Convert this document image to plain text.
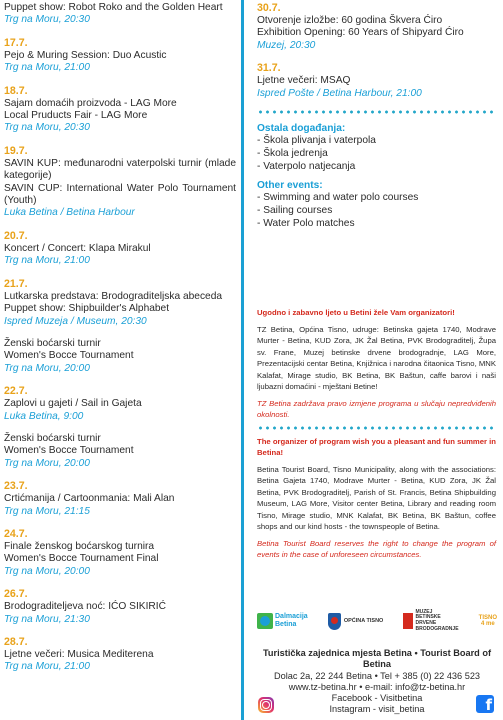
Puppet show: Robot Roko and the Golden Heart
Trg na Moru, 20:30
17.7.
Pejo & Muring Session: Duo Acustic
Trg na Moru, 21:00
18.7.
Sajam domaćih proizvoda - LAG More
Local Pruducts Fair - LAG More
Trg na Moru, 20:30
19.7.
SAVIN KUP: međunarodni vaterpolski turnir (mlade kategorije)
SAVIN CUP: International Water Polo Tournament (Youth)
Luka Betina / Betina Harbour
20.7.
Koncert / Concert: Klapa Mirakul
Trg na Moru, 21:00
21.7.
Lutkarska predstava: Brodograditeljska abeceda
Puppet show: Shipbuilder's Alphabet
Ispred Muzeja / Museum, 20:30
Ženski boćarski turnir
Women's Bocce Tournament
Trg na Moru, 20:00
22.7.
Zaplovi u gajeti / Sail in Gajeta
Luka Betina, 9:00
Ženski boćarski turnir
Women's Bocce Tournament
Trg na Moru, 20:00
23.7.
Crtićmanija / Cartoonmania: Mali Alan
Trg na Moru, 21:15
24.7.
Finale ženskog boćarskog turnira
Women's Bocce Tournament Final
Trg na Moru, 20:00
26.7.
Brodograditeljeva noć: IĆO SIKIRIĆ
Trg na Moru, 21:30
28.7.
Ljetne večeri: Musica Mediterena
Trg na Moru, 21:00
30.7.
Otvorenje izložbe: 60 godina Škvera Ćiro
Exhibition Opening: 60 Years of Shipyard Ćiro
Muzej, 20:30
31.7.
Ljetne večeri: MSAQ
Ispred Pošte / Betina Harbour, 21:00
Ostala događanja:
- Škola plivanja i vaterpola
- Škola jedrenja
- Vaterpolo natjecanja
Other events:
- Swimming and water polo courses
- Sailing courses
- Water Polo matches

Ugodno i zabavno ljeto u Betini žele Vam organizatori!

TZ Betina, Općina Tisno, udruge: Betinska gajeta 1740, Modrave Murter - Betina, KUD Zora, JK Žal Betina, PVK Brodograditelj, Župa sv. Frane, Muzej betinske drvene brodogradnje, LAG More, Prezentacijski centar Betina, Knjižnica i narodna čitaonica Tisno, MNK Kalafat, Mirage studio, BK Betina, BK Baštun, caffe barovi i naši ljubazni domaćini - mještani Betine!

TZ Betina zadržava pravo izmjene programa u slučaju nepredviđenih okolnosti.

The organizer of program wish you a pleasant and fun summer in Betina!

Betina Tourist Board, Tisno Municipality, along with the associations: Betina Gajeta 1740, Modrave Murter - Betina, KUD Zora, JK Žal Betina, PVK Brodograditelj, Parish of St. Francis, Betina Shipbuilding Museum, LAG More, Visitor center Betina, Library and reading room Tisno, Mirage studio, MNK Kalafat, BK Betina, BK Baštun, coffee shops and our kind hosts - the townspeople of Betina.

Betina Tourist Board reserves the right to change the program of events in the case of unforeseen circumstances.

Dalmacija
Betina	OPĆINA TISNO
MUZEJ
BETINSKE
DRVENE
BRODOGRADNJE
TISNO
4 me
Turistička zajednica mjesta Betina • Tourist Board of Betina
Dolac 2a, 22 244 Betina • Tel + 385 (0) 22 436 523
www.tz-betina.hr • e-mail: info@tz-betina.hr
Facebook - Visitbetina
Instagram - visit_betina	f
